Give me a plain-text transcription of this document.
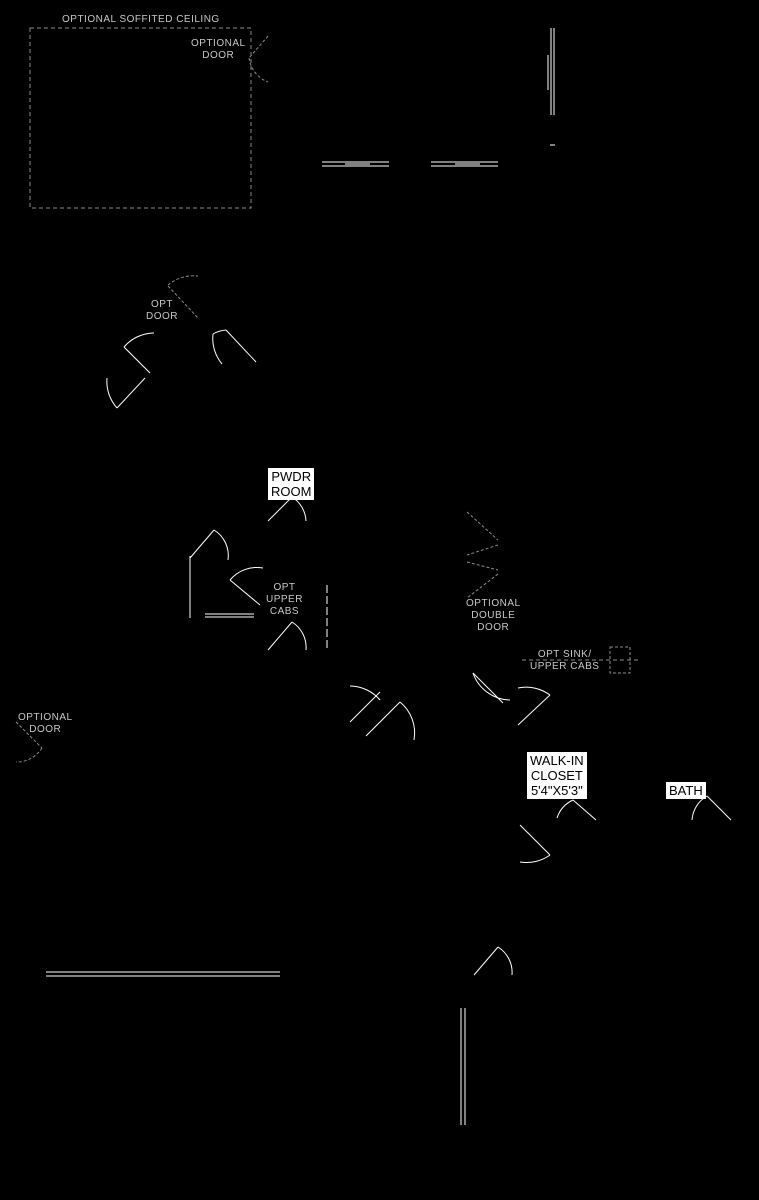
OPTIONAL SOFFITED CEILING
OPTIONAL
DOOR
OPT
DOOR
PWDR
ROOM
OPT
UPPER
CABS
OPTIONAL
DOUBLE
DOOR
OPT SINK/
UPPER CABS
OPTIONAL
DOOR
WALK-IN
CLOSET
5'4"X5'3"	BATH
